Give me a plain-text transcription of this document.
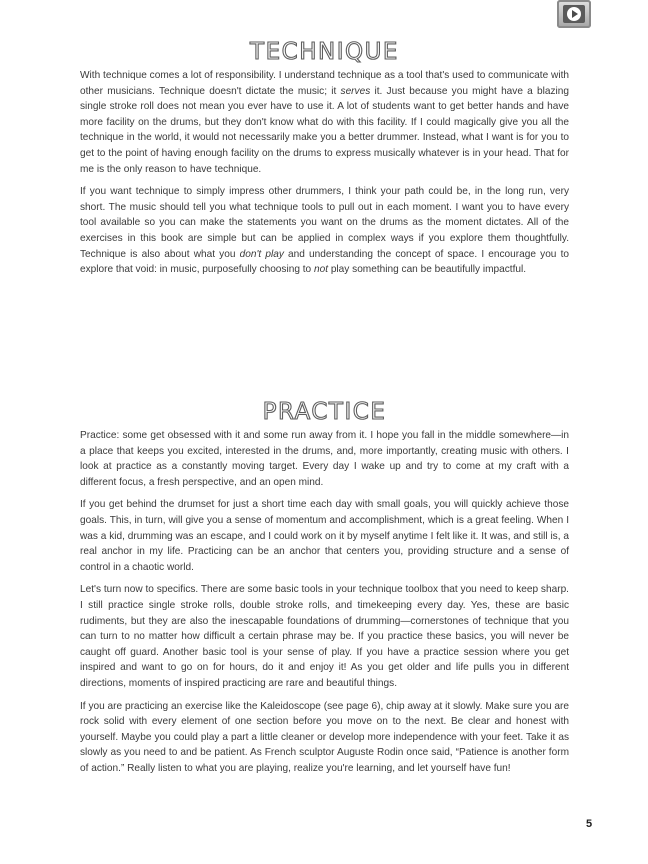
TECHNIQUE

With technique comes a lot of responsibility. I understand technique as a tool that's used to communicate with other musicians. Technique doesn't dictate the music; it serves it. Just because you might have a blazing single stroke roll does not mean you ever have to use it. A lot of students want to get better hands and have more facility on the drums, but they don't know what do with this facility. If I could magically give you all the technique in the world, it would not necessarily make you a better drummer. Instead, what I want is for you to get to the point of having enough facility on the drums to express musically whatever is in your head. That for me is the only reason to have technique.

If you want technique to simply impress other drummers, I think your path could be, in the long run, very short. The music should tell you what technique tools to pull out in each moment. I want you to have every tool available so you can make the statements you want on the drums as the moment dictates. All of the exercises in this book are simple but can be applied in complex ways if you explore them thoughtfully. Technique is also about what you don't play and understanding the concept of space. I encourage you to explore that void: in music, purposefully choosing to not play something can be beautifully impactful.

PRACTICE

Practice: some get obsessed with it and some run away from it. I hope you fall in the middle somewhere—in a place that keeps you excited, interested in the drums, and, more importantly, creating music with others. I look at practice as a constantly moving target. Every day I wake up and try to come at my craft with a different focus, a fresh perspective, and an open mind.

If you get behind the drumset for just a short time each day with small goals, you will quickly achieve those goals. This, in turn, will give you a sense of momentum and accomplishment, which is a great feeling. When I was a kid, drumming was an escape, and I could work on it by myself anytime I felt like it. It was, and still is, a real anchor in my life. Practicing can be an anchor that centers you, providing structure and a sense of control in a chaotic world.

Let's turn now to specifics. There are some basic tools in your technique toolbox that you need to keep sharp. I still practice single stroke rolls, double stroke rolls, and timekeeping every day. Yes, these are basic rudiments, but they are also the inescapable foundations of drumming—cornerstones of technique that you can turn to no matter how difficult a certain phrase may be. If you practice these basics, you will never be caught off guard. Another basic tool is your sense of play. If you have a practice session where you get inspired and want to go on for hours, do it and enjoy it! As you get older and life pulls you in different directions, moments of inspired practicing are rare and beautiful things.

If you are practicing an exercise like the Kaleidoscope (see page 6), chip away at it slowly. Make sure you are rock solid with every element of one section before you move on to the next. Be clear and honest with yourself. Maybe you could play a part a little cleaner or develop more independence with your feet. Take it as slowly as you need to and be patient. As French sculptor Auguste Rodin once said, “Patience is another form of action.” Really listen to what you are playing, realize you're learning, and let yourself have fun!

5
